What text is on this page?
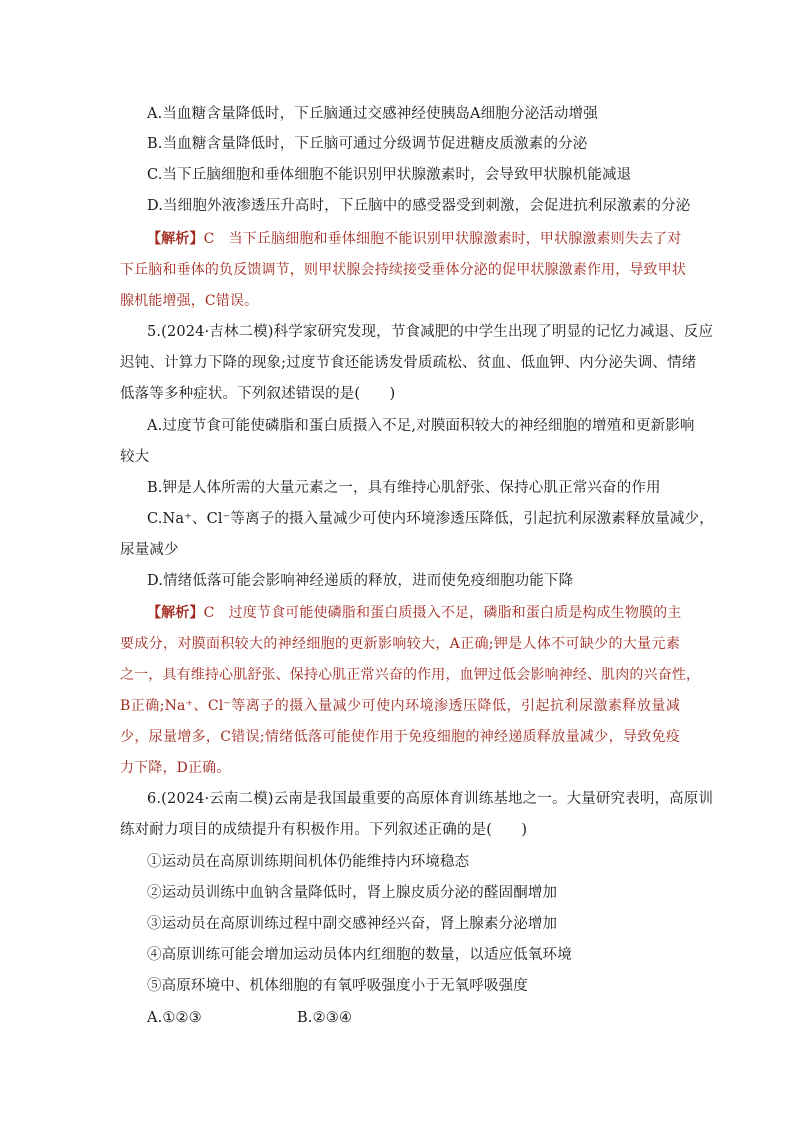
A.当血糖含量降低时，下丘脑通过交感神经使胰岛A细胞分泌活动增强
B.当血糖含量降低时，下丘脑可通过分级调节促进糖皮质激素的分泌
C.当下丘脑细胞和垂体细胞不能识别甲状腺激素时，会导致甲状腺机能减退
D.当细胞外液渗透压升高时，下丘脑中的感受器受到刺激，会促进抗利尿激素的分泌
【解析】C　当下丘脑细胞和垂体细胞不能识别甲状腺激素时，甲状腺激素则失去了对
下丘脑和垂体的负反馈调节，则甲状腺会持续接受垂体分泌的促甲状腺激素作用，导致甲状
腺机能增强，C错误。
5.(2024·吉林二模)科学家研究发现，节食减肥的中学生出现了明显的记忆力减退、反应
迟钝、计算力下降的现象;过度节食还能诱发骨质疏松、贫血、低血钾、内分泌失调、情绪
低落等多种症状。下列叙述错误的是(　　)
A.过度节食可能使磷脂和蛋白质摄入不足,对膜面积较大的神经细胞的增殖和更新影响
较大
B.钾是人体所需的大量元素之一，具有维持心肌舒张、保持心肌正常兴奋的作用
C.Na⁺、Cl⁻等离子的摄入量减少可使内环境渗透压降低，引起抗利尿激素释放量减少，
尿量减少
D.情绪低落可能会影响神经递质的释放，进而使免疫细胞功能下降
【解析】C　过度节食可能使磷脂和蛋白质摄入不足，磷脂和蛋白质是构成生物膜的主
要成分，对膜面积较大的神经细胞的更新影响较大，A正确;钾是人体不可缺少的大量元素
之一，具有维持心肌舒张、保持心肌正常兴奋的作用，血钾过低会影响神经、肌肉的兴奋性，
B正确;Na⁺、Cl⁻等离子的摄入量减少可使内环境渗透压降低，引起抗利尿激素释放量减
少，尿量增多，C错误;情绪低落可能使作用于免疫细胞的神经递质释放量减少，导致免疫
力下降，D正确。
6.(2024·云南二模)云南是我国最重要的高原体育训练基地之一。大量研究表明，高原训
练对耐力项目的成绩提升有积极作用。下列叙述正确的是(　　)
①运动员在高原训练期间机体仍能维持内环境稳态
②运动员训练中血钠含量降低时，肾上腺皮质分泌的醛固酮增加
③运动员在高原训练过程中副交感神经兴奋，肾上腺素分泌增加
④高原训练可能会增加运动员体内红细胞的数量，以适应低氧环境
⑤高原环境中、机体细胞的有氧呼吸强度小于无氧呼吸强度
A.①②③	B.②③④
